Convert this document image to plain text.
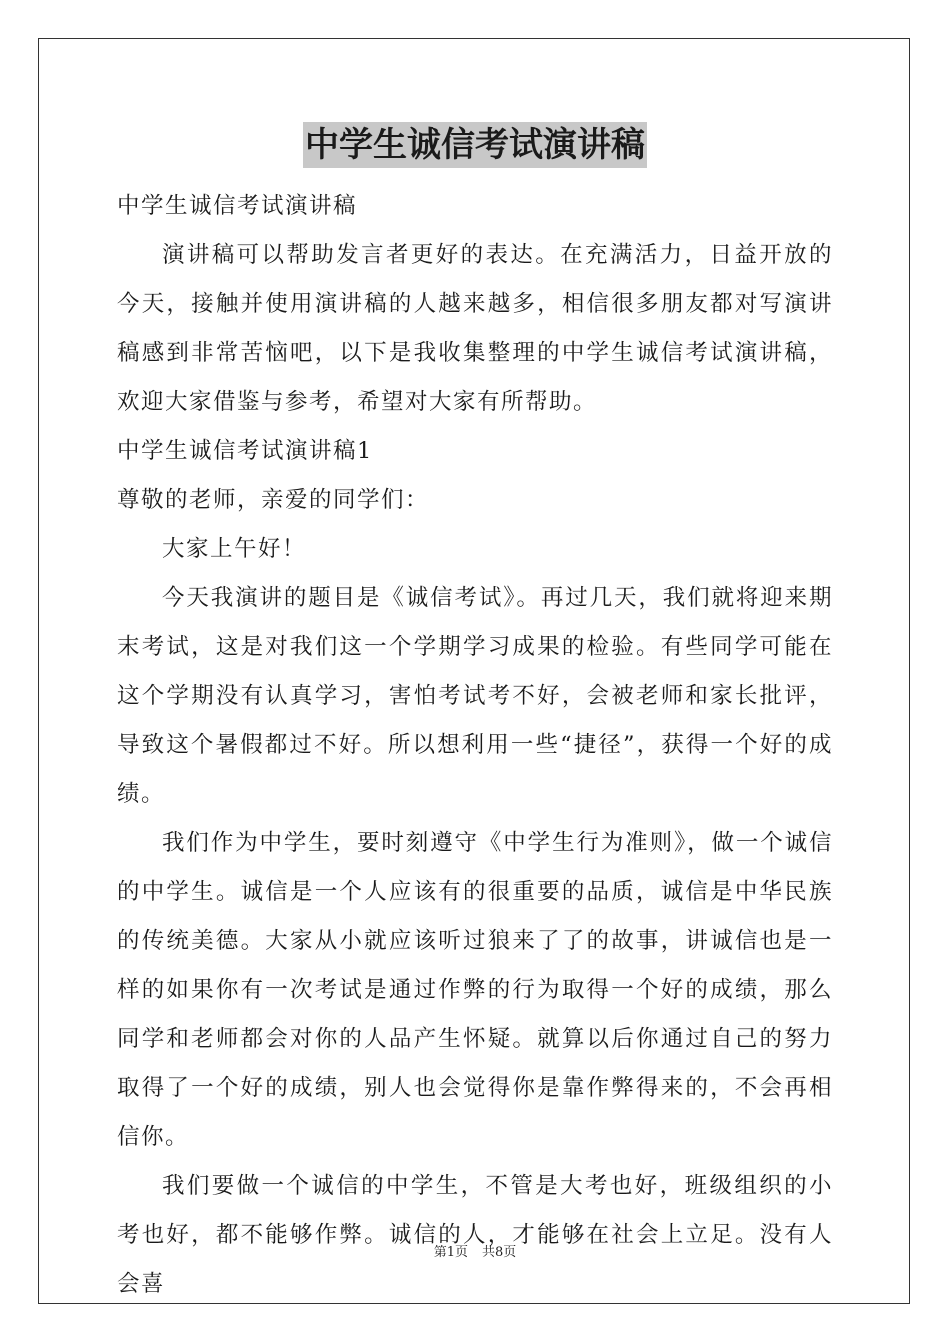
中学生诚信考试演讲稿

中学生诚信考试演讲稿

演讲稿可以帮助发言者更好的表达。在充满活力，日益开放的今天，接触并使用演讲稿的人越来越多，相信很多朋友都对写演讲稿感到非常苦恼吧，以下是我收集整理的中学生诚信考试演讲稿，欢迎大家借鉴与参考，希望对大家有所帮助。

中学生诚信考试演讲稿1

尊敬的老师，亲爱的同学们：

大家上午好！

今天我演讲的题目是《诚信考试》。再过几天，我们就将迎来期末考试，这是对我们这一个学期学习成果的检验。有些同学可能在这个学期没有认真学习，害怕考试考不好，会被老师和家长批评，导致这个暑假都过不好。所以想利用一些“捷径”，获得一个好的成绩。

我们作为中学生，要时刻遵守《中学生行为准则》，做一个诚信的中学生。诚信是一个人应该有的很重要的品质，诚信是中华民族的传统美德。大家从小就应该听过狼来了了的故事，讲诚信也是一样的如果你有一次考试是通过作弊的行为取得一个好的成绩，那么同学和老师都会对你的人品产生怀疑。就算以后你通过自己的努力取得了一个好的成绩，别人也会觉得你是靠作弊得来的，不会再相信你。

我们要做一个诚信的中学生，不管是大考也好，班级组织的小考也好，都不能够作弊。诚信的人，才能够在社会上立足。没有人会喜

第1页 共8页
